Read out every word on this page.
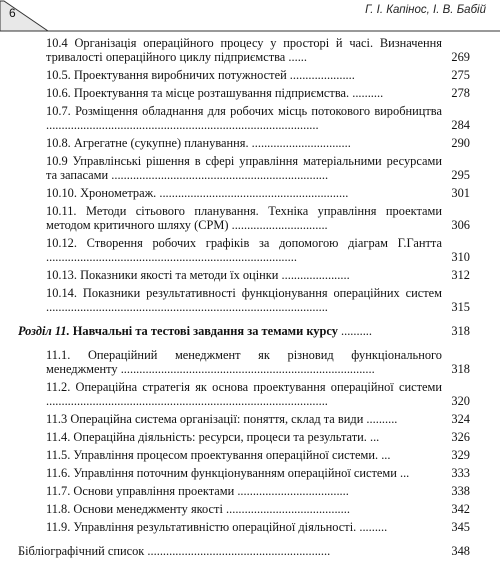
6	Г. І. Капінос, І. В. Бабій
10.4 Організація операційного процесу у просторі й часі. Визначення тривалості операційного циклу підприємства ......	269
10.5. Проектування виробничих потужностей .....................	275
10.6. Проектування та місце розташування підприємства. ..........	278
10.7. Розміщення обладнання для робочих місць потокового виробництва ........................................................................................	284
10.8. Агрегатне (сукупне) планування. ................................	290
10.9 Управлінські рішення в сфері управління матеріальними ресурсами та запасами ......................................................................	295
10.10. Хронометраж. .............................................................	301
10.11. Методи сітьового планування. Техніка управління проектами методом критичного шляху (CPM) ...............................	306
10.12. Створення робочих графіків за допомогою діаграм Г.Гантта .................................................................................	310
10.13. Показники якості та методи їх оцінки ......................	312
10.14. Показники результативності функціонування операційних систем ...........................................................................................	315
Розділ 11. Навчальні та тестові завдання за темами курсу ..........	318
11.1. Операційний менеджмент як різновид функціонального менеджменту ..................................................................................	318
11.2. Операційна стратегія як основа проектування операційної системи ...........................................................................................	320
11.3 Операційна система організації: поняття, склад та види ..........	324
11.4. Операційна діяльність: ресурси, процеси та результати. ...	326
11.5. Управління процесом проектування операційної системи. ...	329
11.6. Управління поточним функціонуванням операційної системи ...	333
11.7. Основи управління проектами ....................................	338
11.8. Основи менеджменту якості ........................................	342
11.9. Управління результативністю операційної діяльності. .........	345
Бібліографічний список ...........................................................	348
